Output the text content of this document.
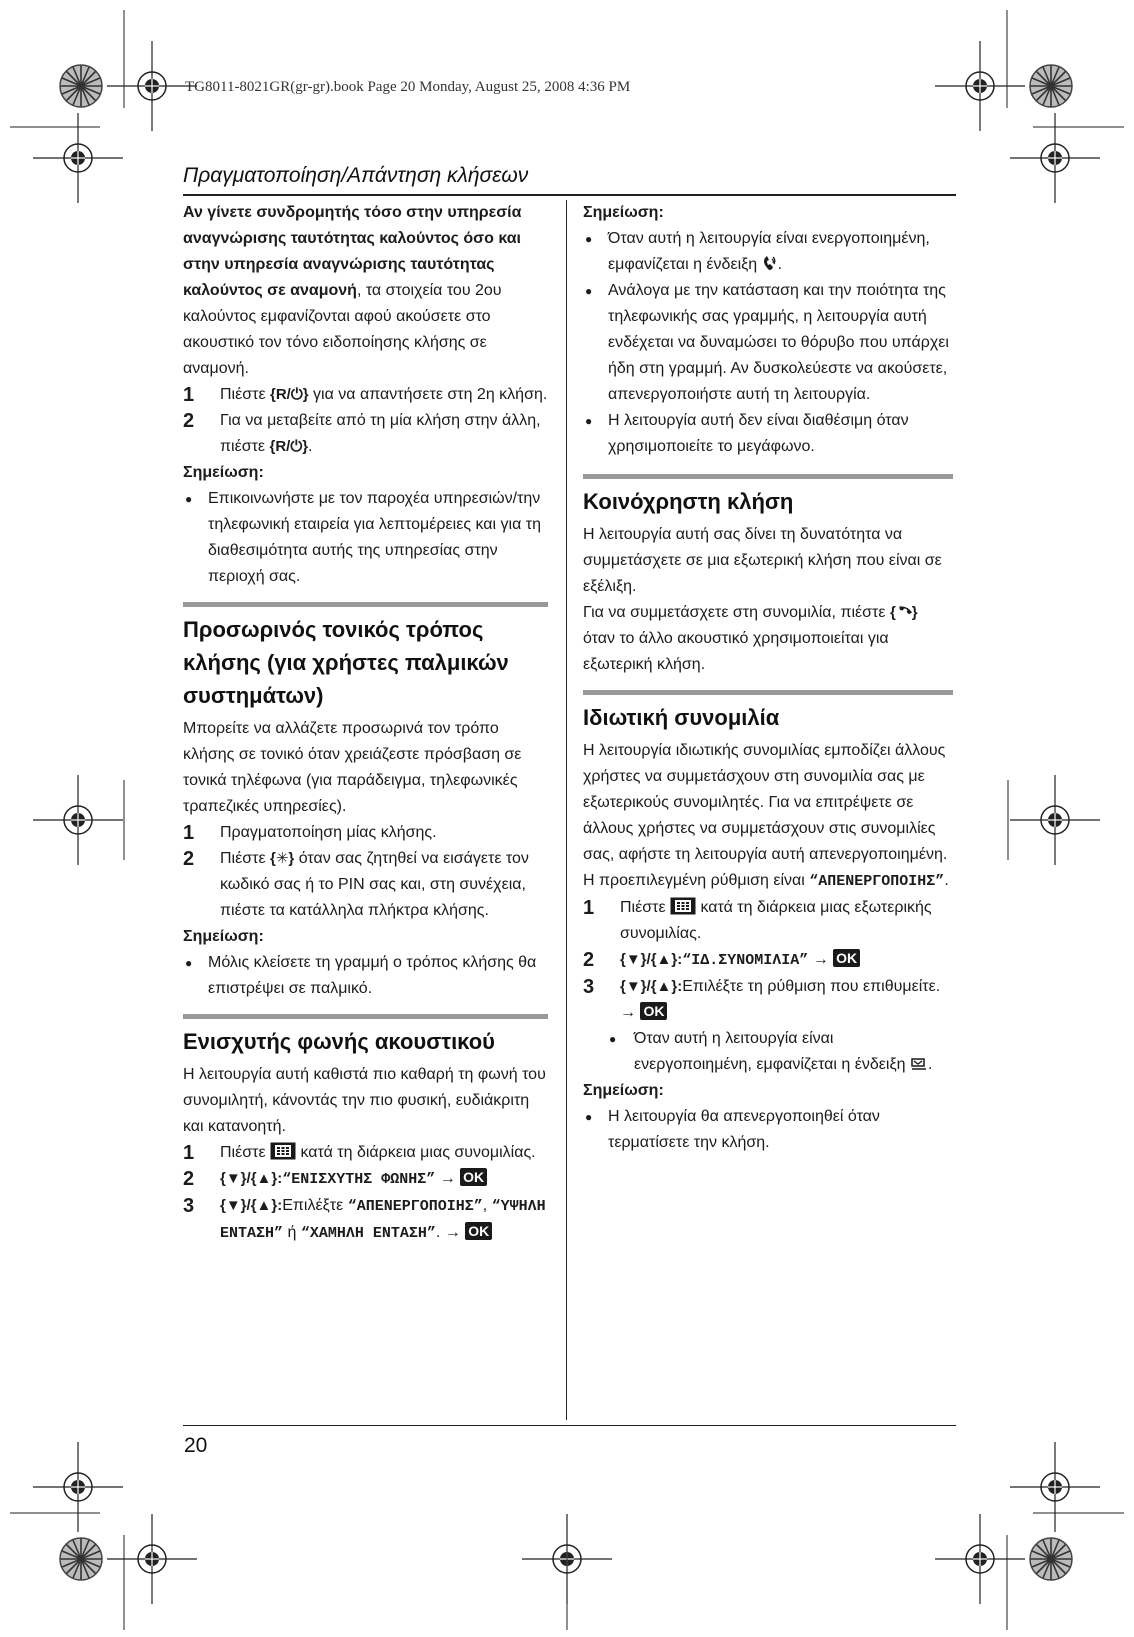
TG8011-8021GR(gr-gr).book Page 20 Monday, August 25, 2008 4:36 PM
Πραγματοποίηση/Απάντηση κλήσεων

Αν γίνετε συνδρομητής τόσο στην υπηρεσία αναγνώρισης ταυτότητας καλούντος όσο και στην υπηρεσία αναγνώρισης ταυτότητας καλούντος σε αναμονή, τα στοιχεία του 2ου καλούντος εμφανίζονται αφού ακούσετε στο ακουστικό τον τόνο ειδοποίησης κλήσης σε αναμονή.

1 Πιέστε {R/⏻} για να απαντήσετε στη 2η κλήση.

2 Για να μεταβείτε από τη μία κλήση στην άλλη, πιέστε {R/⏻}.

Σημείωση:

● Επικοινωνήστε με τον παροχέα υπηρεσιών/την τηλεφωνική εταιρεία για λεπτομέρειες και για τη διαθεσιμότητα αυτής της υπηρεσίας στην περιοχή σας.

Προσωρινός τονικός τρόπος κλήσης (για χρήστες παλμικών συστημάτων)

Μπορείτε να αλλάζετε προσωρινά τον τρόπο κλήσης σε τονικό όταν χρειάζεστε πρόσβαση σε τονικά τηλέφωνα (για παράδειγμα, τηλεφωνικές τραπεζικές υπηρεσίες).

1 Πραγματοποίηση μίας κλήσης.

2 Πιέστε {✳} όταν σας ζητηθεί να εισάγετε τον κωδικό σας ή το PIN σας και, στη συνέχεια, πιέστε τα κατάλληλα πλήκτρα κλήσης.

Σημείωση:

● Μόλις κλείσετε τη γραμμή ο τρόπος κλήσης θα επιστρέψει σε παλμικό.

Ενισχυτής φωνής ακουστικού

Η λειτουργία αυτή καθιστά πιο καθαρή τη φωνή του συνομιλητή, κάνοντάς την πιο φυσική, ευδιάκριτη και κατανοητή.

1 Πιέστε  κατά τη διάρκεια μιας συνομιλίας.

2 {▼}/{▲}:“ΕΝΙΣΧΥΤΗΣ ΦΩΝΗΣ” → OK

3 {▼}/{▲}:Επιλέξτε “ΑΠΕΝΕΡΓΟΠΟΙΗΣ”, “ΥΨΗΛΗ ΕΝΤΑΣΗ” ή “ΧΑΜΗΛΗ ΕΝΤΑΣΗ”. → OK

Σημείωση:

● Όταν αυτή η λειτουργία είναι ενεργοποιημένη, εμφανίζεται η ένδειξη .

● Ανάλογα με την κατάσταση και την ποιότητα της τηλεφωνικής σας γραμμής, η λειτουργία αυτή ενδέχεται να δυναμώσει το θόρυβο που υπάρχει ήδη στη γραμμή. Αν δυσκολεύεστε να ακούσετε, απενεργοποιήστε αυτή τη λειτουργία.

● Η λειτουργία αυτή δεν είναι διαθέσιμη όταν χρησιμοποιείτε το μεγάφωνο.

Κοινόχρηστη κλήση

Η λειτουργία αυτή σας δίνει τη δυνατότητα να συμμετάσχετε σε μια εξωτερική κλήση που είναι σε εξέλιξη.

Για να συμμετάσχετε στη συνομιλία, πιέστε { } όταν το άλλο ακουστικό χρησιμοποιείται για εξωτερική κλήση.

Ιδιωτική συνομιλία

Η λειτουργία ιδιωτικής συνομιλίας εμποδίζει άλλους χρήστες να συμμετάσχουν στη συνομιλία σας με εξωτερικούς συνομιλητές. Για να επιτρέψετε σε άλλους χρήστες να συμμετάσχουν στις συνομιλίες σας, αφήστε τη λειτουργία αυτή απενεργοποιημένη. Η προεπιλεγμένη ρύθμιση είναι “ΑΠΕΝΕΡΓΟΠΟΙΗΣ”.

1 Πιέστε  κατά τη διάρκεια μιας εξωτερικής συνομιλίας.

2 {▼}/{▲}:“ΙΔ.ΣΥΝΟΜΙΛΙΑ” → OK

3 {▼}/{▲}:Επιλέξτε τη ρύθμιση που επιθυμείτε. → OK

● Όταν αυτή η λειτουργία είναι ενεργοποιημένη, εμφανίζεται η ένδειξη .

Σημείωση:

● Η λειτουργία θα απενεργοποιηθεί όταν τερματίσετε την κλήση.

20
